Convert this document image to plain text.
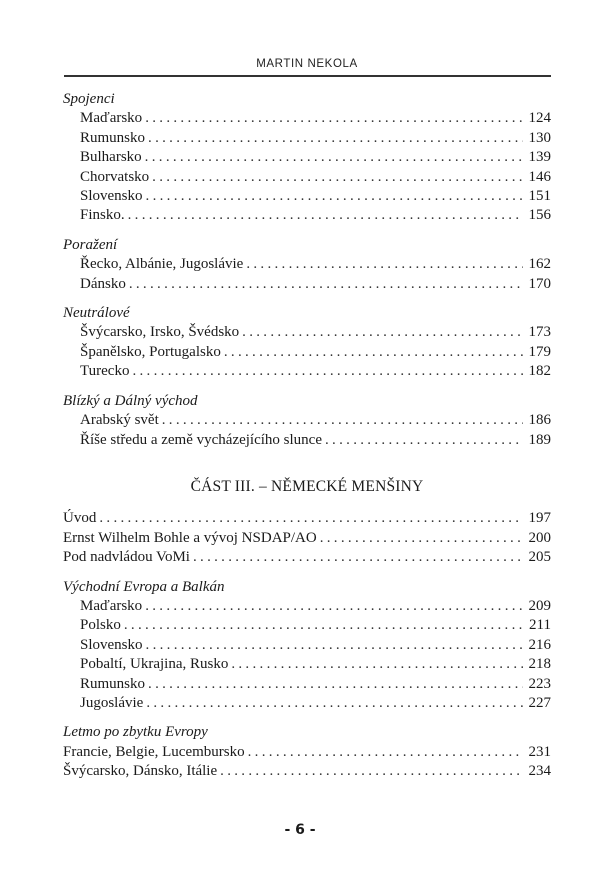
MARTIN NEKOLA
Spojenci
Maďarsko .....	124
Rumunsko .....	130
Bulharsko .....	139
Chorvatsko .....	146
Slovensko .....	151
Finsko. .....	156
Poražení
Řecko, Albánie, Jugoslávie .....	162
Dánsko .....	170
Neutrálové
Švýcarsko, Irsko, Švédsko .....	173
Španělsko, Portugalsko .....	179
Turecko .....	182
Blízký a Dálný východ
Arabský svět .....	186
Říše středu a země vycházejícího slunce .....	189
ČÁST III. – NĚMECKÉ MENŠINY
Úvod .....	197
Ernst Wilhelm Bohle a vývoj NSDAP/AO .....	200
Pod nadvládou VoMi .....	205
Východní Evropa a Balkán
Maďarsko .....	209
Polsko .....	211
Slovensko .....	216
Pobaltí, Ukrajina, Rusko .....	218
Rumunsko .....	223
Jugoslávie .....	227
Letmo po zbytku Evropy
Francie, Belgie, Lucembursko .....	231
Švýcarsko, Dánsko, Itálie .....	234
- 6 -
